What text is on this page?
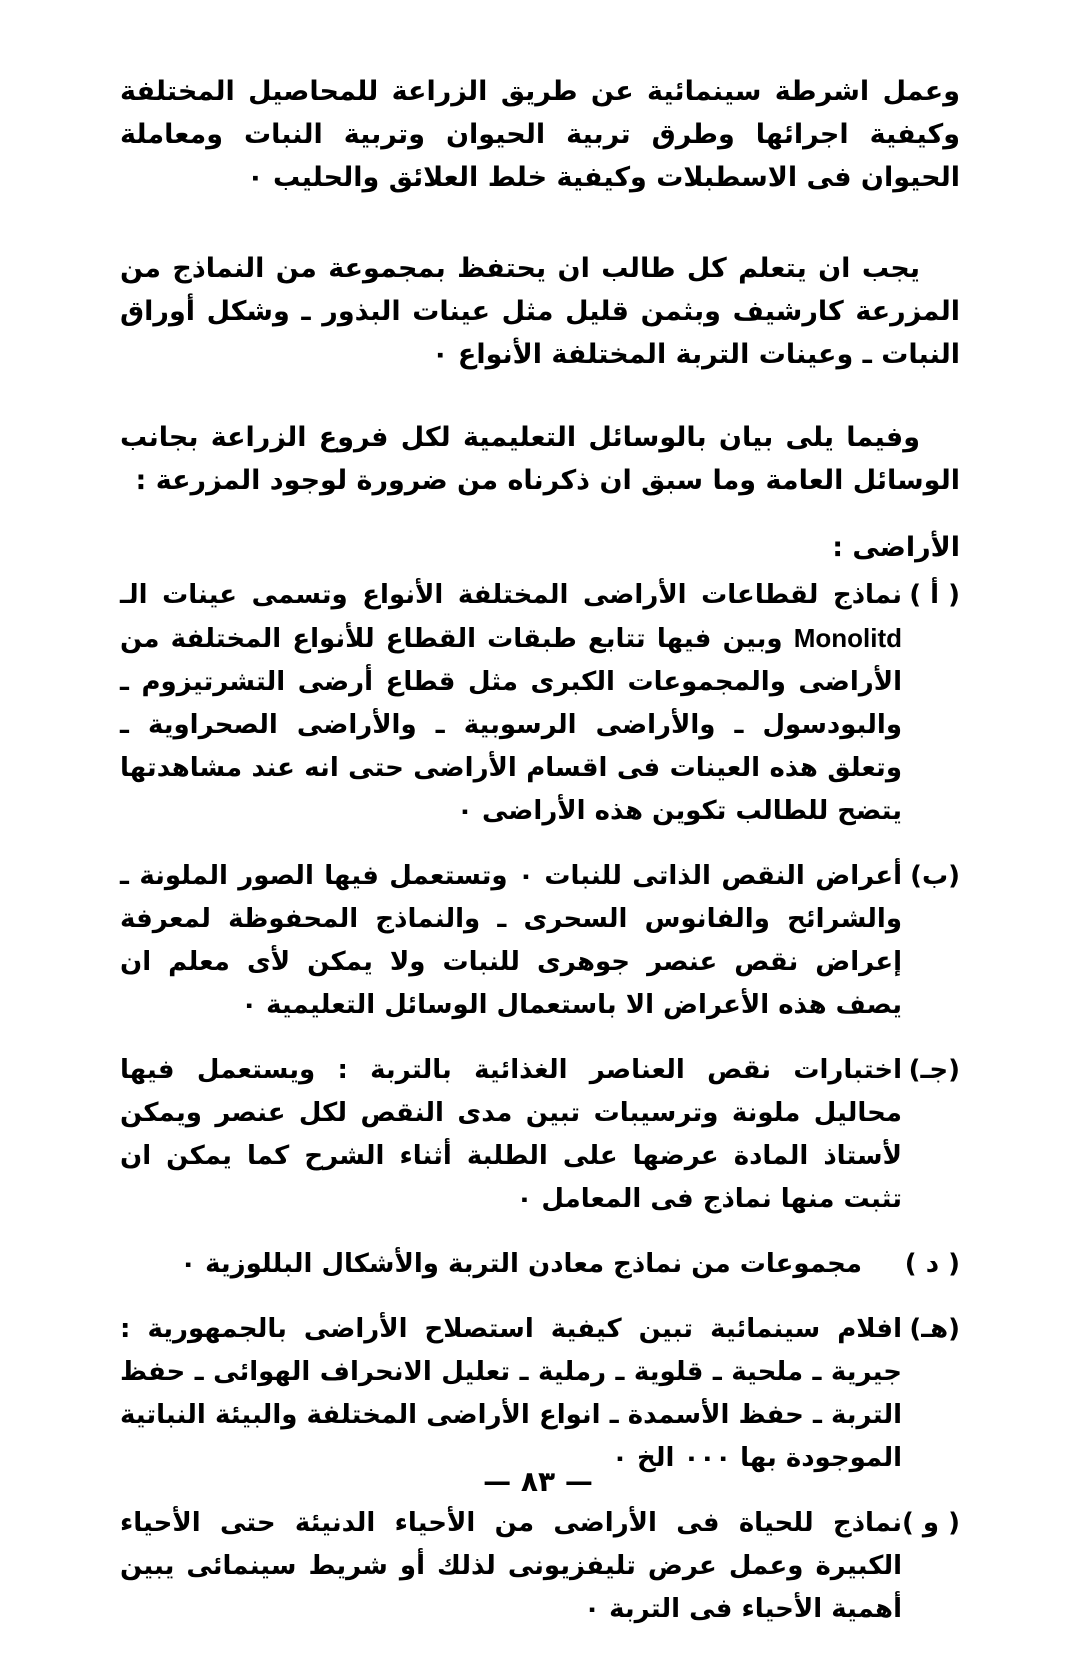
وعمل اشرطة سينمائية عن طريق الزراعة للمحاصيل المختلفة وكيفية اجرائها وطرق تربية الحيوان وتربية النبات ومعاملة الحيوان فى الاسطبلات وكيفية خلط العلائق والحليب ٠

يجب ان يتعلم كل طالب ان يحتفظ بمجموعة من النماذج من المزرعة كارشيف وبثمن قليل مثل عينات البذور ـ وشكل أوراق النبات ـ وعينات التربة المختلفة الأنواع ٠

وفيما يلى بيان بالوسائل التعليمية لكل فروع الزراعة بجانب الوسائل العامة وما سبق ان ذكرناه من ضرورة لوجود المزرعة :

الأراضى :
( أ )
نماذج لقطاعات الأراضى المختلفة الأنواع وتسمى عينات الـ Monolitd وبين فيها تتابع طبقات القطاع للأنواع المختلفة من الأراضى والمجموعات الكبرى مثل قطاع أرضى التشرتيزوم ـ والبودسول ـ والأراضى الرسوبية ـ والأراضى الصحراوية ـ وتعلق هذه العينات فى اقسام الأراضى حتى انه عند مشاهدتها يتضح للطالب تكوين هذه الأراضى ٠
(ب)
أعراض النقص الذاتى للنبات ٠ وتستعمل فيها الصور الملونة ـ والشرائح والفانوس السحرى ـ والنماذج المحفوظة لمعرفة إعراض نقص عنصر جوهرى للنبات ولا يمكن لأى معلم ان يصف هذه الأعراض الا باستعمال الوسائل التعليمية ٠
(جـ)
اختبارات نقص العناصر الغذائية بالتربة : ويستعمل فيها محاليل ملونة وترسيبات تبين مدى النقص لكل عنصر ويمكن لأستاذ المادة عرضها على الطلبة أثناء الشرح كما يمكن ان تثبت منها نماذج فى المعامل ٠
( د )
مجموعات من نماذج معادن التربة والأشكال البللوزية ٠
(هـ)
افلام سينمائية تبين كيفية استصلاح الأراضى بالجمهورية : جيرية ـ ملحية ـ قلوية ـ رملية ـ تعليل الانحراف الهوائى ـ حفظ التربة ـ حفظ الأسمدة ـ انواع الأراضى المختلفة والبيئة النباتية الموجودة بها ٠٠٠ الخ ٠
( و )
نماذج للحياة فى الأراضى من الأحياء الدنيئة حتى الأحياء الكبيرة وعمل عرض تليفزيونى لذلك أو شريط سينمائى يبين أهمية الأحياء فى التربة ٠
— ٨٣ —
